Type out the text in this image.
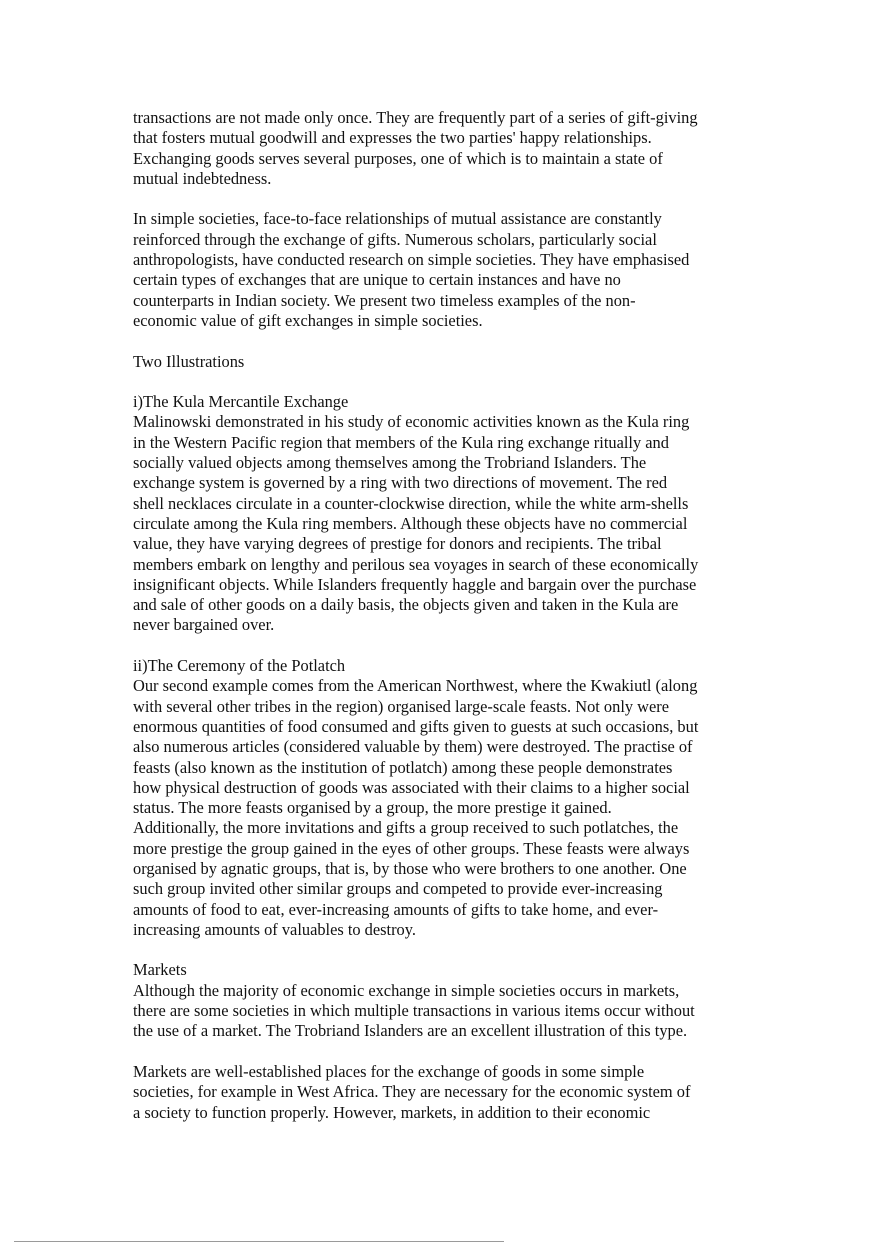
transactions are not made only once. They are frequently part of a series of gift-giving
that fosters mutual goodwill and expresses the two parties' happy relationships.
Exchanging goods serves several purposes, one of which is to maintain a state of
mutual indebtedness.
In simple societies, face-to-face relationships of mutual assistance are constantly
reinforced through the exchange of gifts. Numerous scholars, particularly social
anthropologists, have conducted research on simple societies. They have emphasised
certain types of exchanges that are unique to certain instances and have no
counterparts in Indian society. We present two timeless examples of the non-
economic value of gift exchanges in simple societies.
Two Illustrations
i)The Kula Mercantile Exchange
Malinowski demonstrated in his study of economic activities known as the Kula ring
in the Western Pacific region that members of the Kula ring exchange ritually and
socially valued objects among themselves among the Trobriand Islanders. The
exchange system is governed by a ring with two directions of movement. The red
shell necklaces circulate in a counter-clockwise direction, while the white arm-shells
circulate among the Kula ring members. Although these objects have no commercial
value, they have varying degrees of prestige for donors and recipients. The tribal
members embark on lengthy and perilous sea voyages in search of these economically
insignificant objects. While Islanders frequently haggle and bargain over the purchase
and sale of other goods on a daily basis, the objects given and taken in the Kula are
never bargained over.
ii)The Ceremony of the Potlatch
Our second example comes from the American Northwest, where the Kwakiutl (along
with several other tribes in the region) organised large-scale feasts. Not only were
enormous quantities of food consumed and gifts given to guests at such occasions, but
also numerous articles (considered valuable by them) were destroyed. The practise of
feasts (also known as the institution of potlatch) among these people demonstrates
how physical destruction of goods was associated with their claims to a higher social
status. The more feasts organised by a group, the more prestige it gained.
Additionally, the more invitations and gifts a group received to such potlatches, the
more prestige the group gained in the eyes of other groups. These feasts were always
organised by agnatic groups, that is, by those who were brothers to one another. One
such group invited other similar groups and competed to provide ever-increasing
amounts of food to eat, ever-increasing amounts of gifts to take home, and ever-
increasing amounts of valuables to destroy.
Markets
Although the majority of economic exchange in simple societies occurs in markets,
there are some societies in which multiple transactions in various items occur without
the use of a market. The Trobriand Islanders are an excellent illustration of this type.
Markets are well-established places for the exchange of goods in some simple
societies, for example in West Africa. They are necessary for the economic system of
a society to function properly. However, markets, in addition to their economic
